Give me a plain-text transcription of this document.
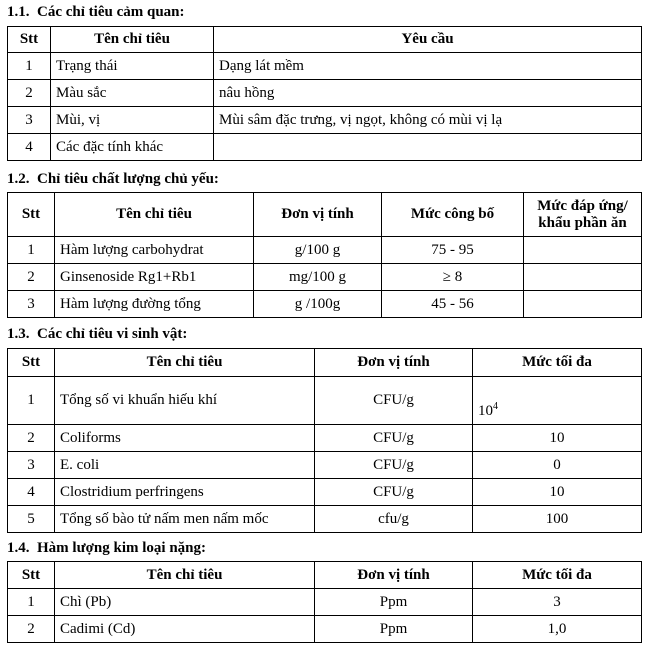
1.1. Các chỉ tiêu cảm quan:
Stt	Tên chỉ tiêu	Yêu cầu
1	Trạng thái	Dạng lát mềm
2	Màu sắc	nâu hồng
3	Mùi, vị	Mùi sâm đặc trưng, vị ngọt, không có mùi vị lạ
4	Các đặc tính khác	
1.2. Chỉ tiêu chất lượng chủ yếu:
Stt	Tên chỉ tiêu	Đơn vị tính	Mức công bố	Mức đáp ứng/ khẩu phần ăn
1	Hàm lượng carbohydrat	g/100 g	75 - 95	
2	Ginsenoside Rg1+Rb1	mg/100 g	≥ 8	
3	Hàm lượng đường tổng	g /100g	45 - 56	
1.3. Các chỉ tiêu vi sinh vật:
Stt	Tên chỉ tiêu	Đơn vị tính	Mức tối đa
1	Tổng số vi khuẩn hiếu khí	CFU/g	$10^4$
2	Coliforms	CFU/g	10
3	E. coli	CFU/g	0
4	Clostridium perfringens	CFU/g	10
5	Tổng số bào tử nấm men nấm mốc	cfu/g	100
1.4. Hàm lượng kim loại nặng:
Stt	Tên chỉ tiêu	Đơn vị tính	Mức tối đa
1	Chì (Pb)	Ppm	3
2	Cadimi (Cd)	Ppm	1,0
